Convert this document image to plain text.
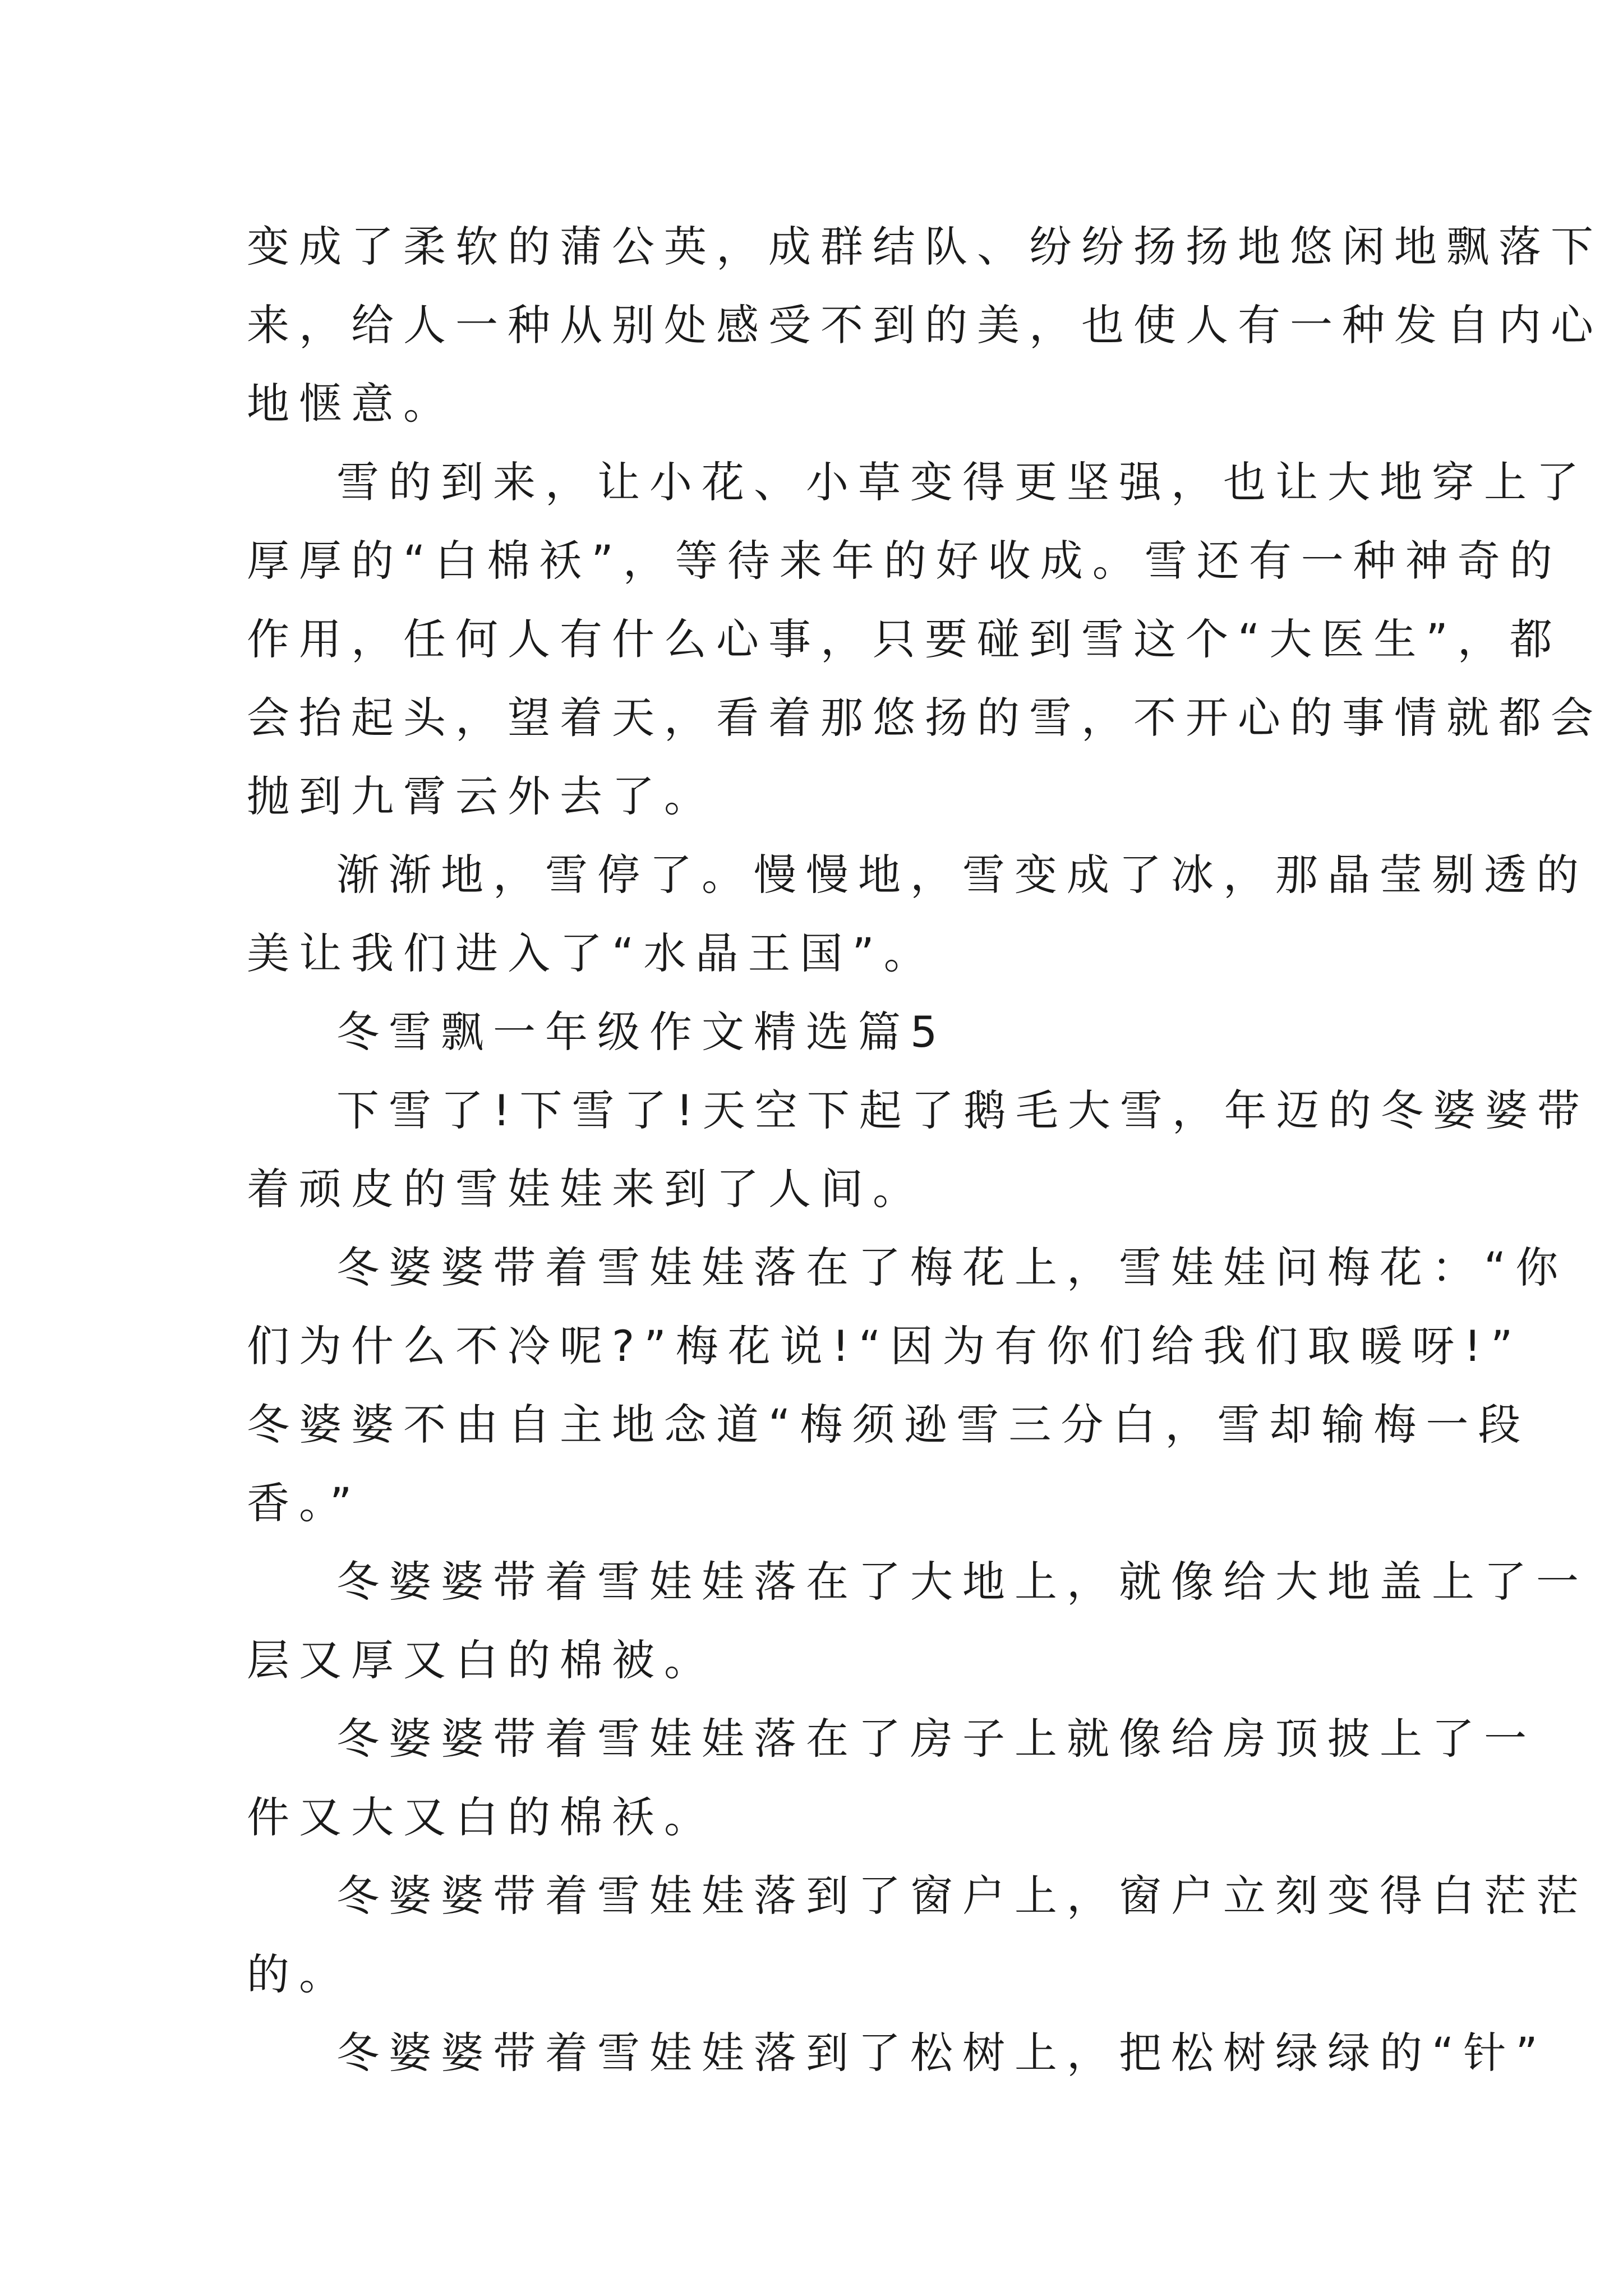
变成了柔软的蒲公英，成群结队、纷纷扬扬地悠闲地飘落下
来，给人一种从别处感受不到的美，也使人有一种发自内心
地惬意。
雪的到来，让小花、小草变得更坚强，也让大地穿上了
厚厚的“白棉袄”，等待来年的好收成。雪还有一种神奇的
作用，任何人有什么心事，只要碰到雪这个“大医生”，都
会抬起头，望着天，看着那悠扬的雪，不开心的事情就都会
抛到九霄云外去了。
渐渐地，雪停了。慢慢地，雪变成了冰，那晶莹剔透的
美让我们进入了“水晶王国”。
冬雪飘一年级作文精选篇5
下雪了!下雪了!天空下起了鹅毛大雪，年迈的冬婆婆带
着顽皮的雪娃娃来到了人间。
冬婆婆带着雪娃娃落在了梅花上，雪娃娃问梅花：“你
们为什么不冷呢?”梅花说!“因为有你们给我们取暖呀!”
冬婆婆不由自主地念道“梅须逊雪三分白，雪却输梅一段
香。”
冬婆婆带着雪娃娃落在了大地上，就像给大地盖上了一
层又厚又白的棉被。
冬婆婆带着雪娃娃落在了房子上就像给房顶披上了一
件又大又白的棉袄。
冬婆婆带着雪娃娃落到了窗户上，窗户立刻变得白茫茫
的。
冬婆婆带着雪娃娃落到了松树上，把松树绿绿的“针”
